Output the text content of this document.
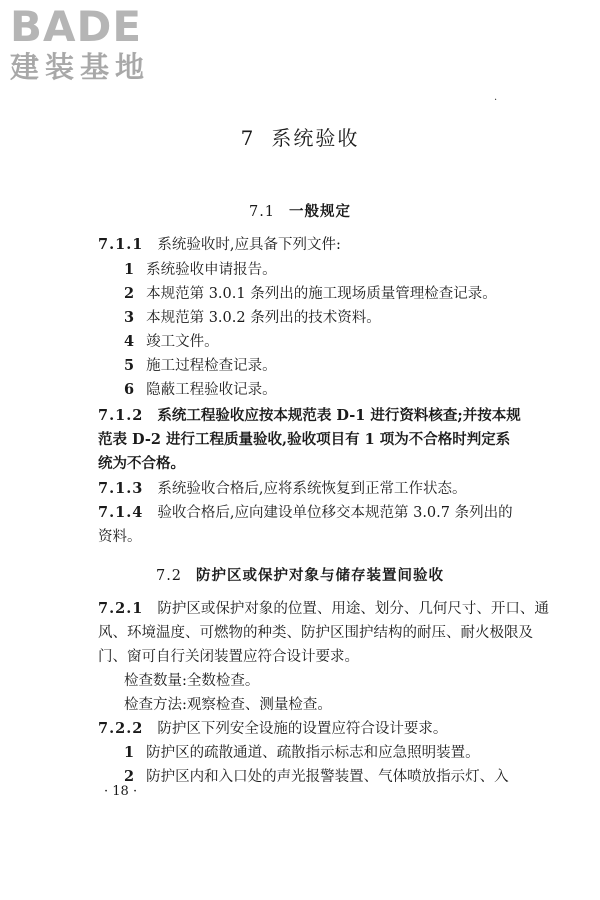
BADE
建装基地
.
7 系统验收
7.1 一般规定
7.1.1 系统验收时,应具备下列文件:
1 系统验收申请报告。
2 本规范第 3.0.1 条列出的施工现场质量管理检查记录。
3 本规范第 3.0.2 条列出的技术资料。
4 竣工文件。
5 施工过程检查记录。
6 隐蔽工程验收记录。
7.1.2 系统工程验收应按本规范表 D-1 进行资料核查;并按本规
范表 D-2 进行工程质量验收,验收项目有 1 项为不合格时判定系
统为不合格。
7.1.3 系统验收合格后,应将系统恢复到正常工作状态。
7.1.4 验收合格后,应向建设单位移交本规范第 3.0.7 条列出的
资料。
7.2 防护区或保护对象与储存装置间验收
7.2.1 防护区或保护对象的位置、用途、划分、几何尺寸、开口、通
风、环境温度、可燃物的种类、防护区围护结构的耐压、耐火极限及
门、窗可自行关闭装置应符合设计要求。
检查数量:全数检查。
检查方法:观察检查、测量检查。
7.2.2 防护区下列安全设施的设置应符合设计要求。
1 防护区的疏散通道、疏散指示标志和应急照明装置。
2 防护区内和入口处的声光报警装置、气体喷放指示灯、入
· 18 ·
